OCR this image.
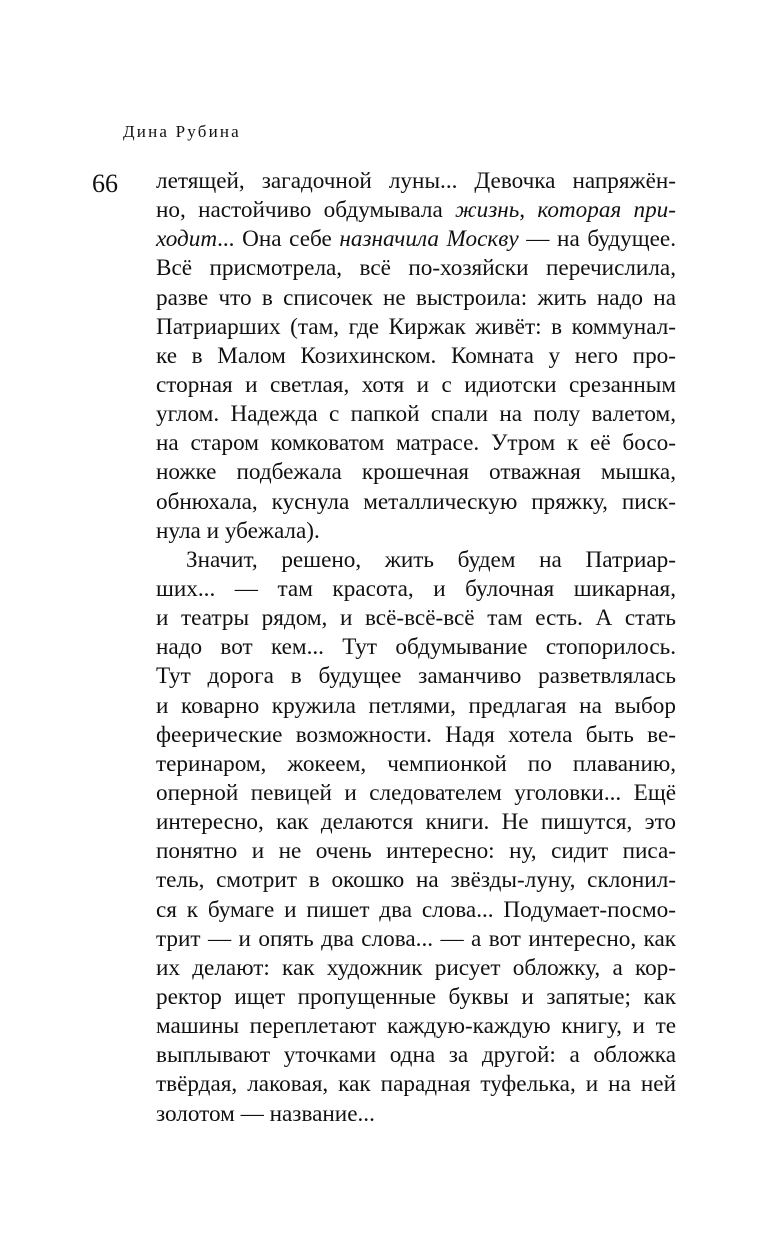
Дина Рубина
66 летящей, загадочной луны... Девочка напряжён-
но, настойчиво обдумывала жизнь, которая при-
ходит... Она себе назначила Москву — на будущее.
Всё присмотрела, всё по-хозяйски перечислила,
разве что в списочек не выстроила: жить надо на
Патриарших (там, где Киржак живёт: в коммунал-
ке в Малом Козихинском. Комната у него про-
сторная и светлая, хотя и с идиотски срезанным
углом. Надежда с папкой спали на полу валетом,
на старом комковатом матрасе. Утром к её босо-
ножке подбежала крошечная отважная мышка,
обнюхала, куснула металлическую пряжку, писк-
нула и убежала).
Значит, решено, жить будем на Патриар-
ших... — там красота, и булочная шикарная,
и театры рядом, и всё-всё-всё там есть. А стать
надо вот кем... Тут обдумывание стопорилось.
Тут дорога в будущее заманчиво разветвлялась
и коварно кружила петлями, предлагая на выбор
феерические возможности. Надя хотела быть ве-
теринаром, жокеем, чемпионкой по плаванию,
оперной певицей и следователем уголовки... Ещё
интересно, как делаются книги. Не пишутся, это
понятно и не очень интересно: ну, сидит писа-
тель, смотрит в окошко на звёзды-луну, склонил-
ся к бумаге и пишет два слова... Подумает-посмо-
трит — и опять два слова... — а вот интересно, как
их делают: как художник рисует обложку, а кор-
ректор ищет пропущенные буквы и запятые; как
машины переплетают каждую-каждую книгу, и те
выплывают уточками одна за другой: а обложка
твёрдая, лаковая, как парадная туфелька, и на ней
золотом — название...
